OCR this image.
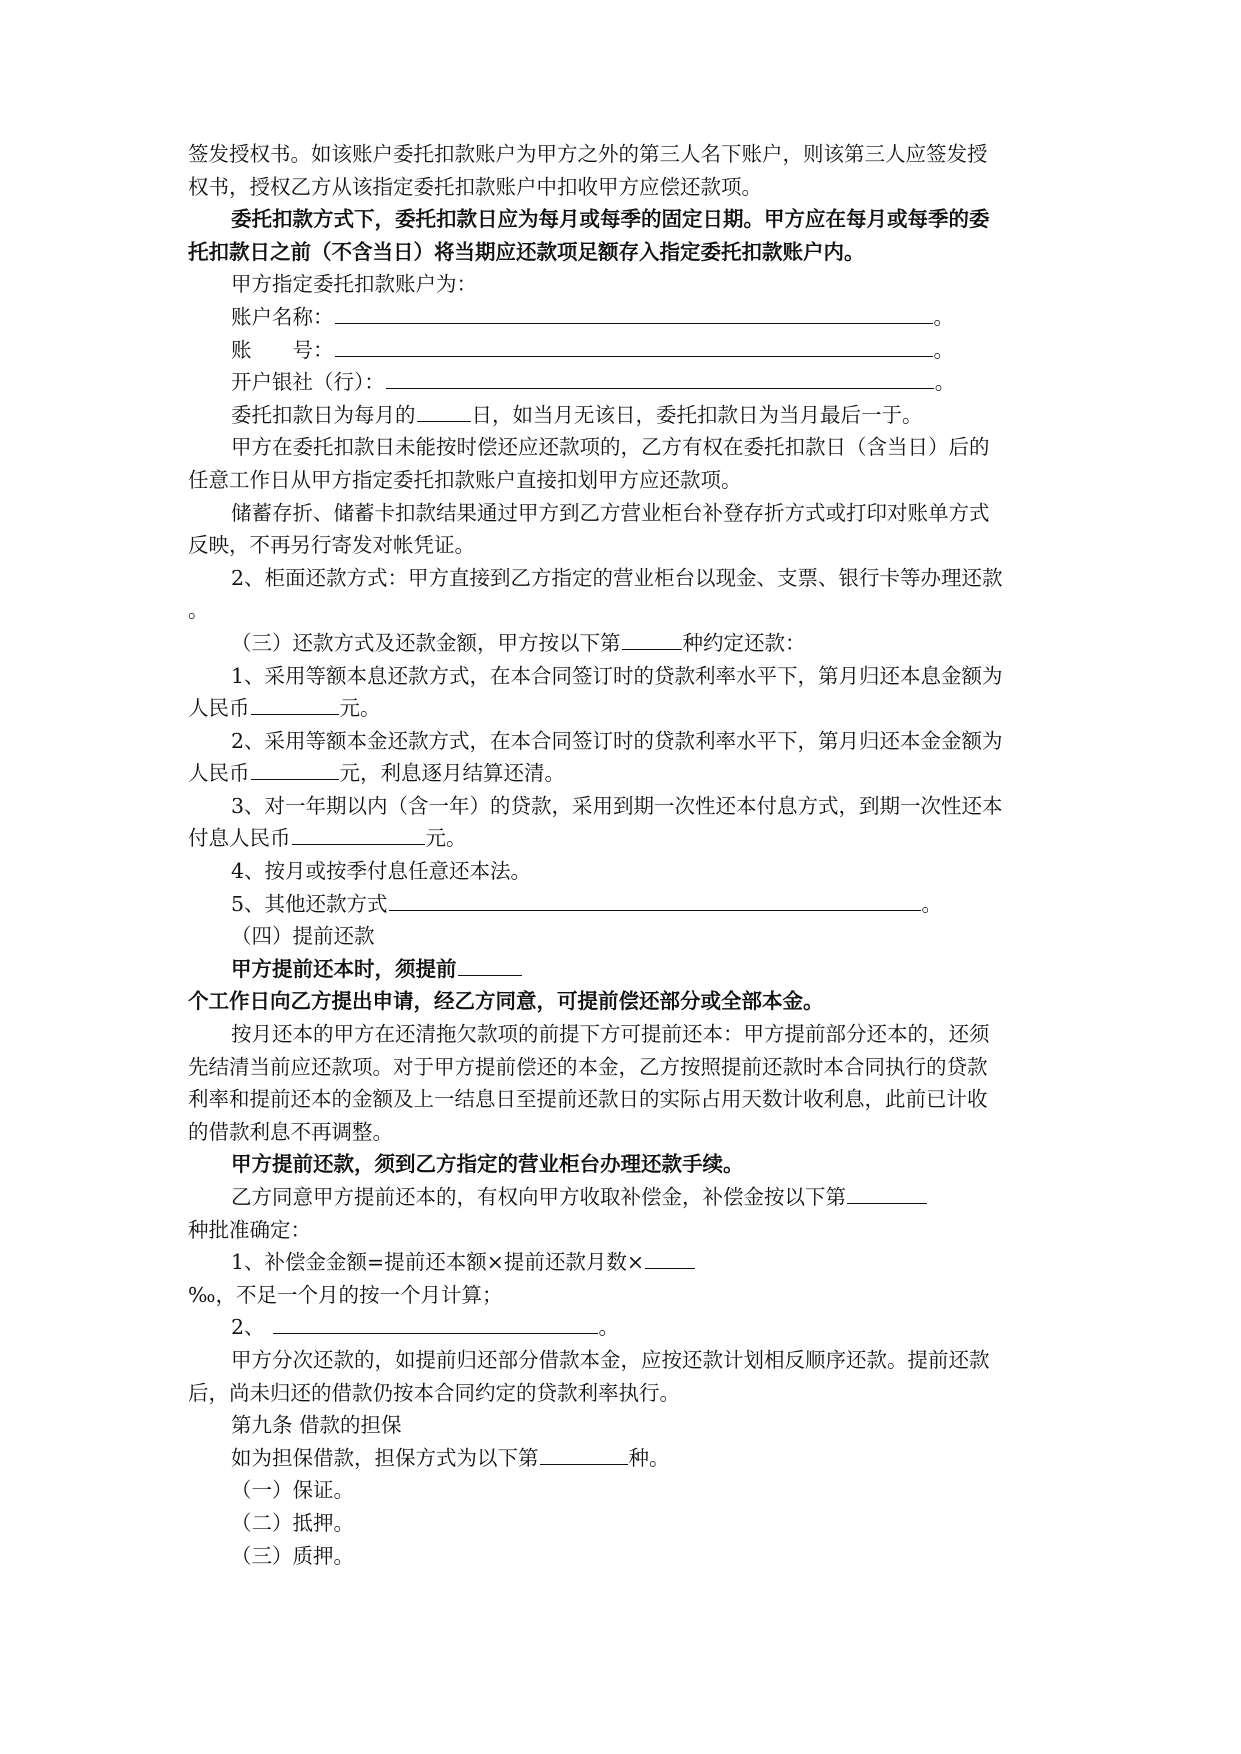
签发授权书。如该账户委托扣款账户为甲方之外的第三人名下账户，则该第三人应签发授

权书，授权乙方从该指定委托扣款账户中扣收甲方应偿还款项。

委托扣款方式下，委托扣款日应为每月或每季的固定日期。甲方应在每月或每季的委

托扣款日之前（不含当日）将当期应还款项足额存入指定委托扣款账户内。

甲方指定委托扣款账户为：

账户名称：	。

账　　号：	。

开户银社（行）：	。

委托扣款日为每月的	日，如当月无该日，委托扣款日为当月最后一于。

甲方在委托扣款日未能按时偿还应还款项的，乙方有权在委托扣款日（含当日）后的

任意工作日从甲方指定委托扣款账户直接扣划甲方应还款项。

储蓄存折、储蓄卡扣款结果通过甲方到乙方营业柜台补登存折方式或打印对账单方式

反映，不再另行寄发对帐凭证。

2、柜面还款方式：甲方直接到乙方指定的营业柜台以现金、支票、银行卡等办理还款

。

（三）还款方式及还款金额，甲方按以下第	种约定还款：

1、采用等额本息还款方式，在本合同签订时的贷款利率水平下，第月归还本息金额为

人民币	元。

2、采用等额本金还款方式，在本合同签订时的贷款利率水平下，第月归还本金金额为

人民币	元，利息逐月结算还清。

3、对一年期以内（含一年）的贷款，采用到期一次性还本付息方式，到期一次性还本

付息人民币	元。

4、按月或按季付息任意还本法。

5、其他还款方式	。

（四）提前还款

甲方提前还本时，须提前

个工作日向乙方提出申请，经乙方同意，可提前偿还部分或全部本金。

按月还本的甲方在还清拖欠款项的前提下方可提前还本：甲方提前部分还本的，还须

先结清当前应还款项。对于甲方提前偿还的本金，乙方按照提前还款时本合同执行的贷款

利率和提前还本的金额及上一结息日至提前还款日的实际占用天数计收利息，此前已计收

的借款利息不再调整。

甲方提前还款，须到乙方指定的营业柜台办理还款手续。

乙方同意甲方提前还本的，有权向甲方收取补偿金，补偿金按以下第

种批准确定：

1、补偿金金额=提前还本额×提前还款月数×

‰，不足一个月的按一个月计算；

2、	。

甲方分次还款的，如提前归还部分借款本金，应按还款计划相反顺序还款。提前还款

后，尚未归还的借款仍按本合同约定的贷款利率执行。

第九条 借款的担保

如为担保借款，担保方式为以下第	种。

（一）保证。

（二）抵押。

（三）质押。
